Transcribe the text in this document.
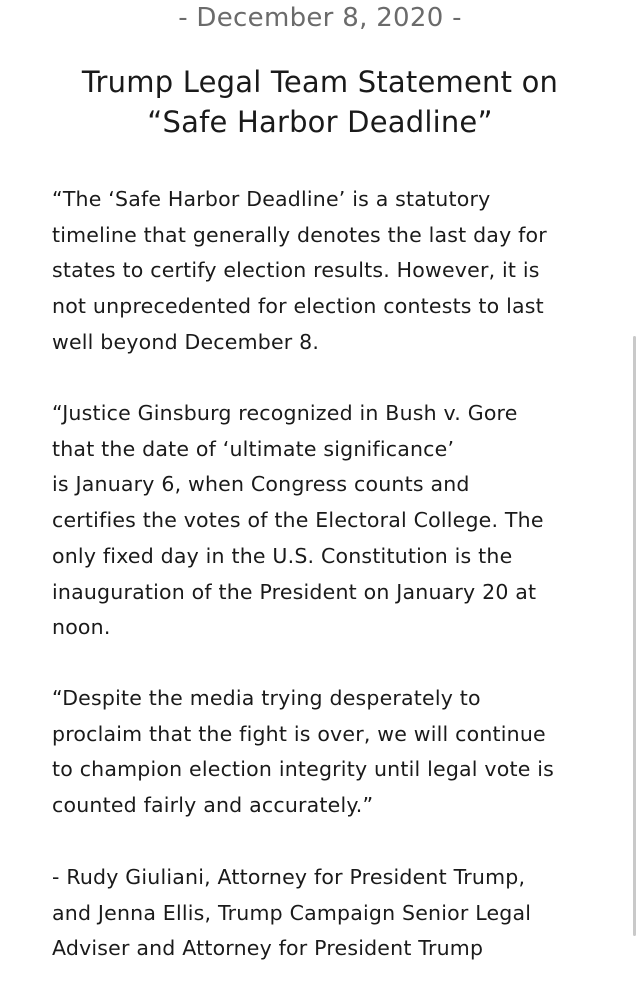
- December 8, 2020 -
Trump Legal Team Statement on
“Safe Harbor Deadline”
“The ‘Safe Harbor Deadline’ is a statutory
timeline that generally denotes the last day for
states to certify election results. However, it is
not unprecedented for election contests to last
well beyond December 8.
“Justice Ginsburg recognized in Bush v. Gore
that the date of ‘ultimate significance’
is January 6, when Congress counts and
certifies the votes of the Electoral College. The
only fixed day in the U.S. Constitution is the
inauguration of the President on January 20 at
noon.
“Despite the media trying desperately to
proclaim that the fight is over, we will continue
to champion election integrity until legal vote is
counted fairly and accurately.”
- Rudy Giuliani, Attorney for President Trump,
and Jenna Ellis, Trump Campaign Senior Legal
Adviser and Attorney for President Trump
